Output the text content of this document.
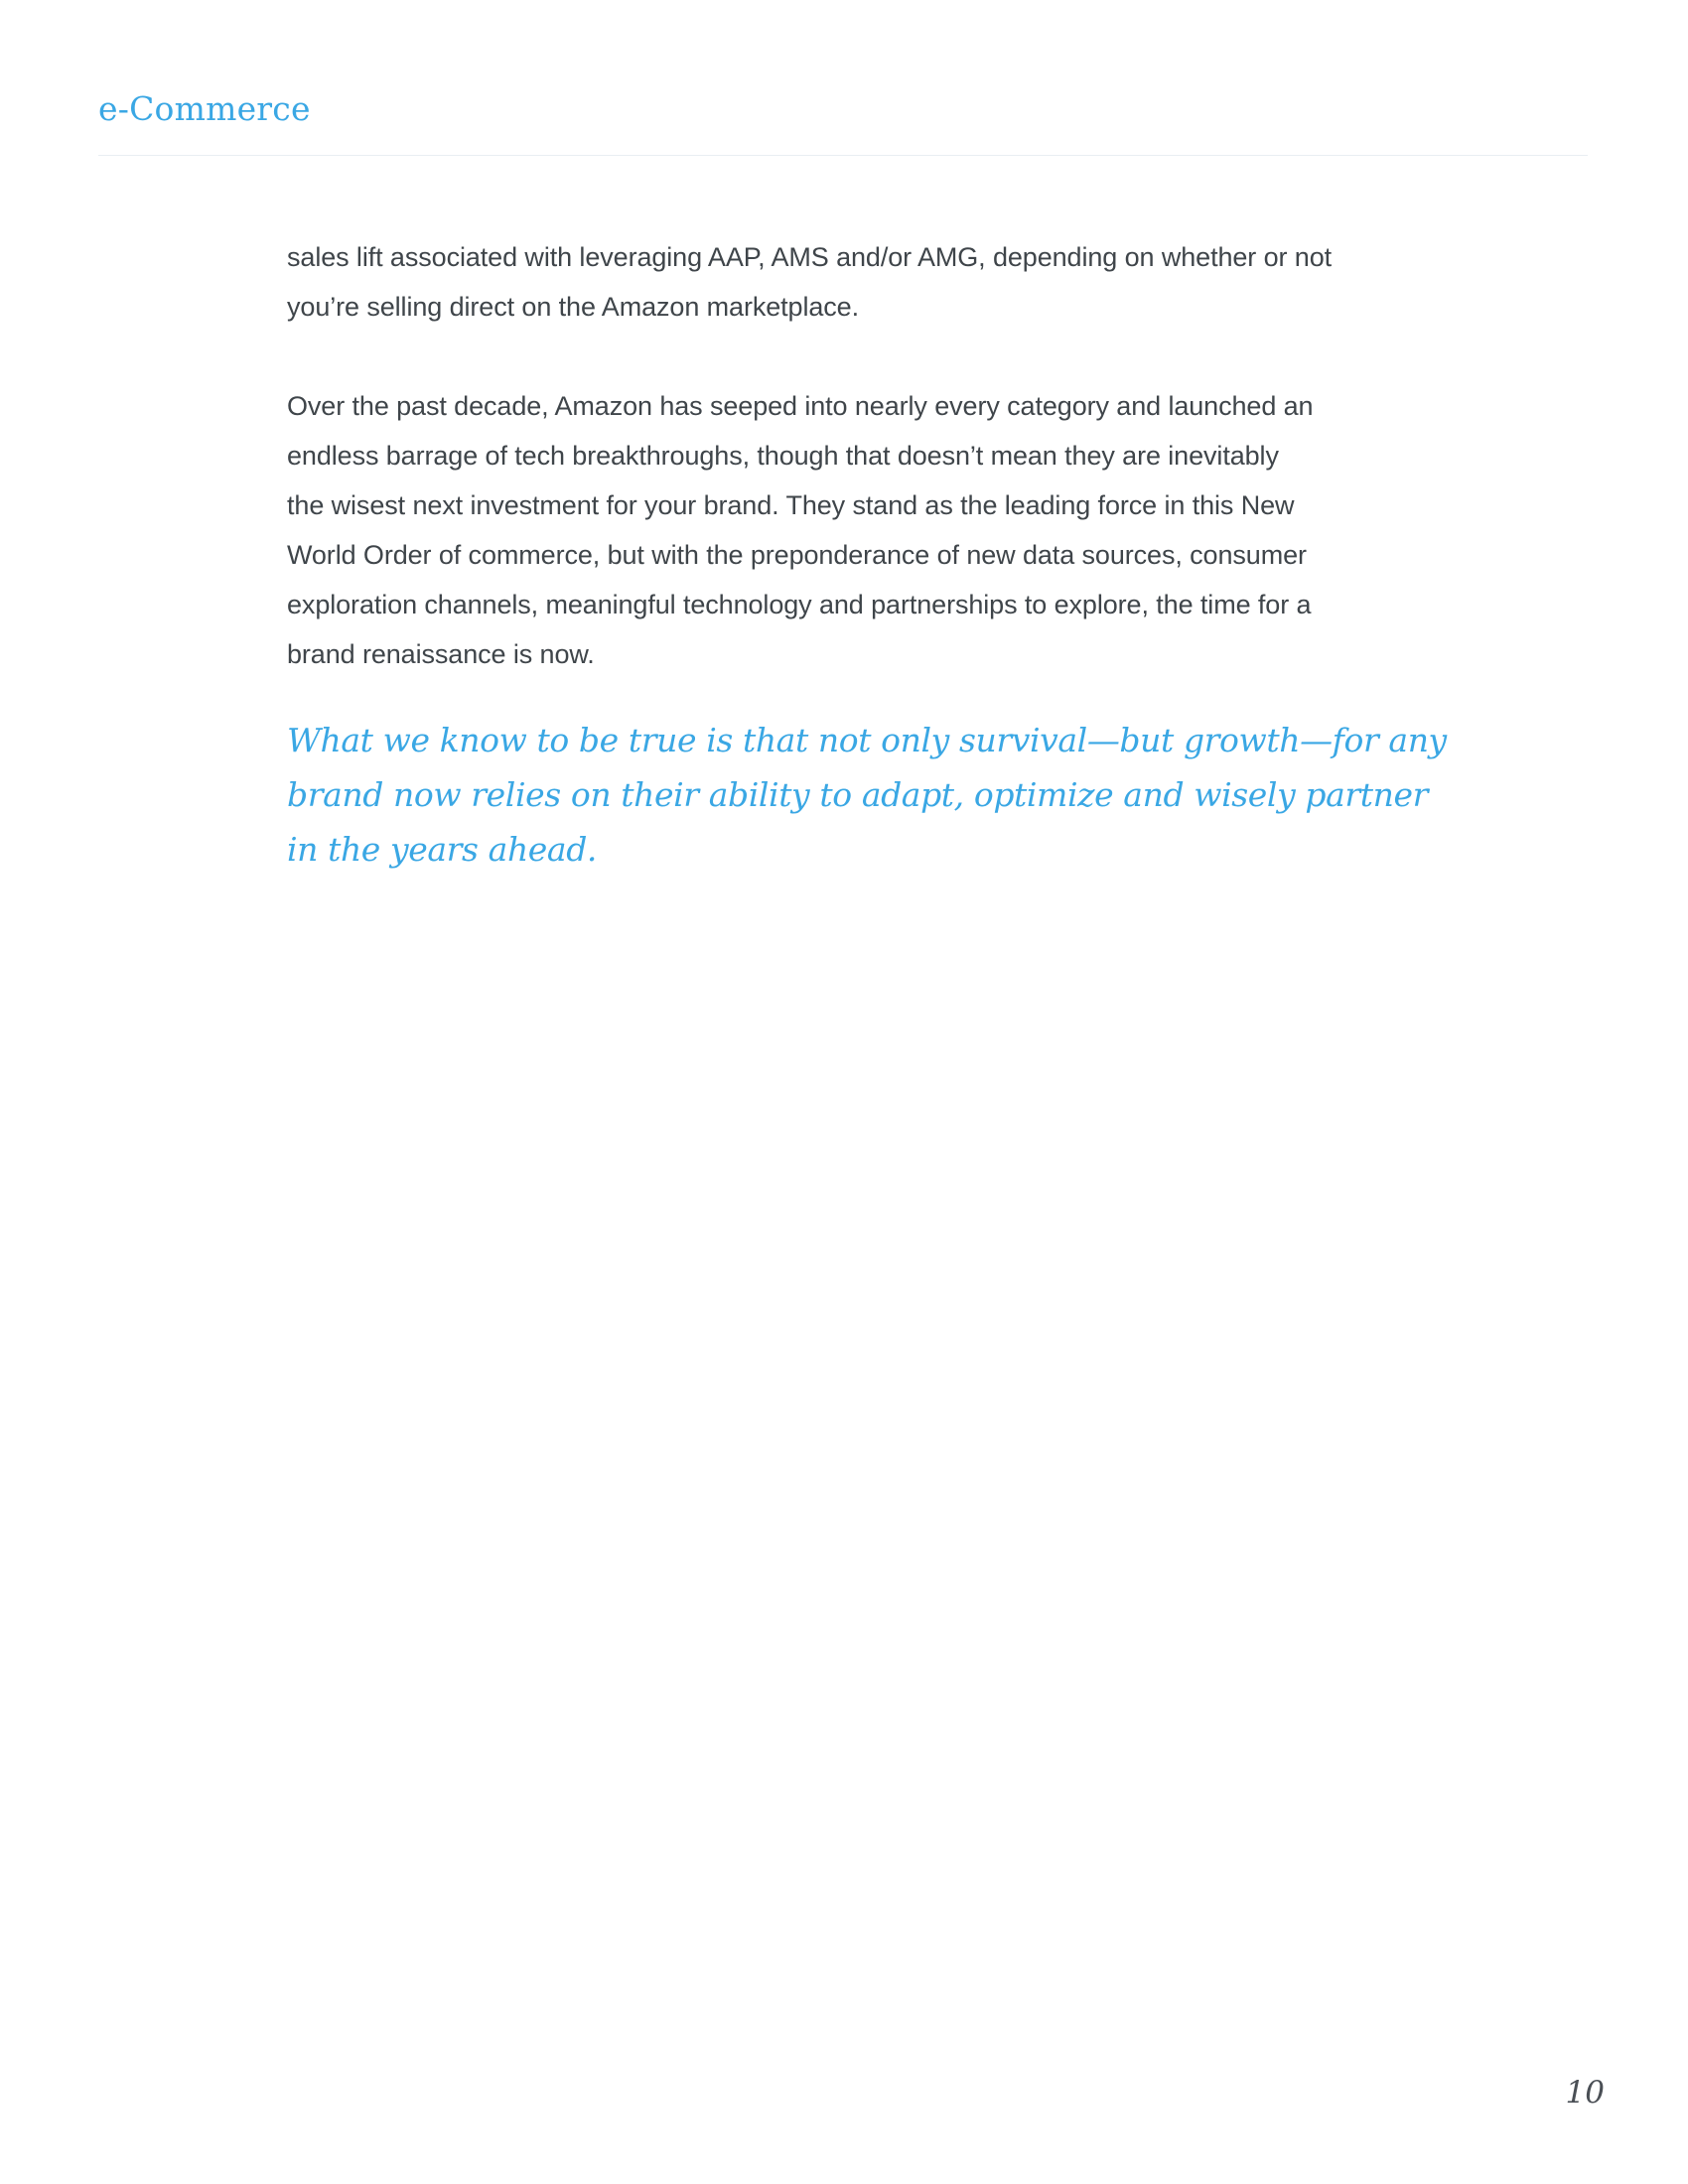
e-Commerce

sales lift associated with leveraging AAP, AMS and/or AMG, depending on whether or not
you’re selling direct on the Amazon marketplace.

Over the past decade, Amazon has seeped into nearly every category and launched an
endless barrage of tech breakthroughs, though that doesn’t mean they are inevitably
the wisest next investment for your brand. They stand as the leading force in this New
World Order of commerce, but with the preponderance of new data sources, consumer
exploration channels, meaningful technology and partnerships to explore, the time for a
brand renaissance is now.

What we know to be true is that not only survival—but growth—for any
brand now relies on their ability to adapt, optimize and wisely partner
in the years ahead.

10
